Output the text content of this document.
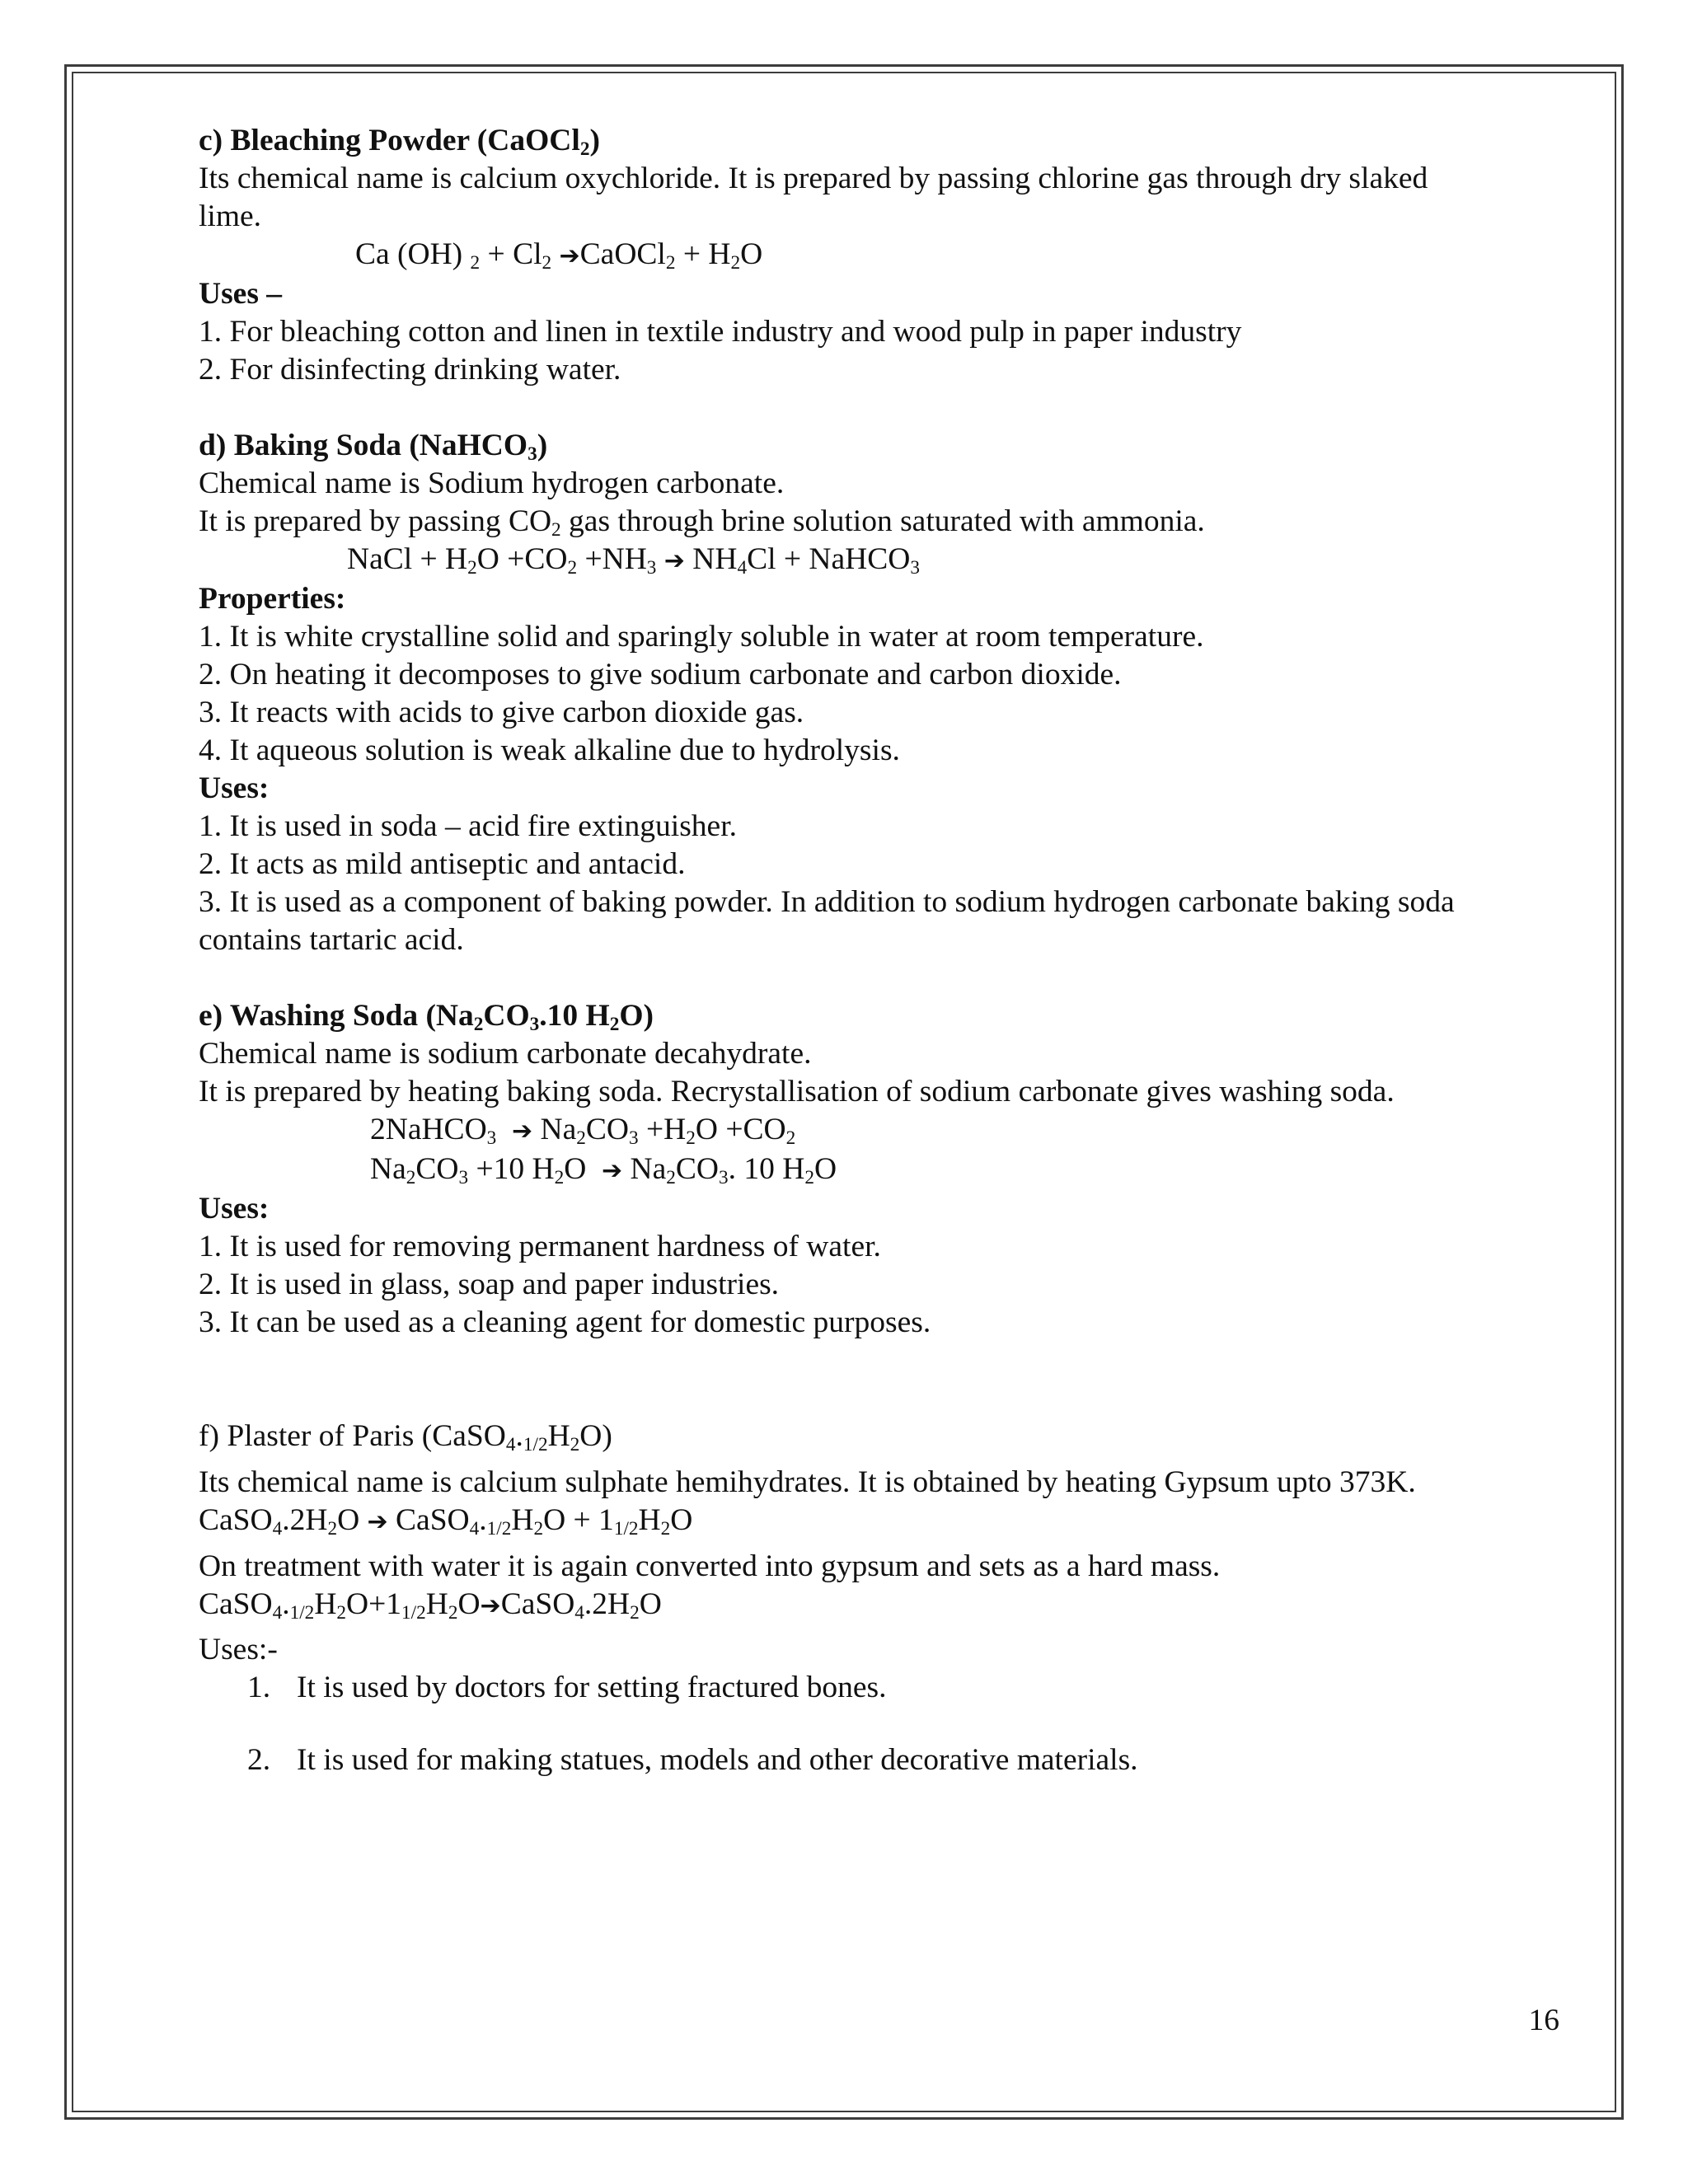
c) Bleaching Powder (CaOCl$_2$)
Its chemical name is calcium oxychloride. It is prepared by passing chlorine gas through dry slaked
lime.
Ca (OH) $_2 + Cl_2$ ➔CaOCl$_2$ + $H_2O$
Uses –
1. For bleaching cotton and linen in textile industry and wood pulp in paper industry
2. For disinfecting drinking water.
d) Baking Soda (NaHCO$_3$)
Chemical name is Sodium hydrogen carbonate.
It is prepared by passing $CO_2$ gas through brine solution saturated with ammonia.
NaCl + $H_2O +CO_2 +NH_3$ ➔ $NH_4Cl$ + NaHCO$_3$
Properties:
1. It is white crystalline solid and sparingly soluble in water at room temperature.
2. On heating it decomposes to give sodium carbonate and carbon dioxide.
3. It reacts with acids to give carbon dioxide gas.
4. It aqueous solution is weak alkaline due to hydrolysis.
Uses:
1. It is used in soda – acid fire extinguisher.
2. It acts as mild antiseptic and antacid.
3. It is used as a component of baking powder. In addition to sodium hydrogen carbonate baking soda contains tartaric acid.
e) Washing Soda ($Na_2CO_3.10$ $H_2O$)
Chemical name is sodium carbonate decahydrate.
It is prepared by heating baking soda. Recrystallisation of sodium carbonate gives washing soda.
2NaHCO$_3$ ➔ $Na_2CO_3 +H_2O +CO_2$
$Na_2CO_3 +10$ $H_2O$  ➔ $Na_2CO_3$. 10 $H_2O$
Uses:
1. It is used for removing permanent hardness of water.
2. It is used in glass, soap and paper industries.
3. It can be used as a cleaning agent for domestic purposes.
f) Plaster of Paris $(CaSO_4.1/2H_2O)$
Its chemical name is calcium sulphate hemihydrates. It is obtained by heating Gypsum upto 373K.
$CaSO_4.2H_2O$ ➔ $CaSO_4.1/2H_2O + 11/2H_2O$
On treatment with water it is again converted into gypsum and sets as a hard mass.
$CaSO_4.1/2H_2O+11/2H_2O➔CaSO_4.2H_2O$
Uses:-
1. It is used by doctors for setting fractured bones.
2. It is used for making statues, models and other decorative materials.
16
